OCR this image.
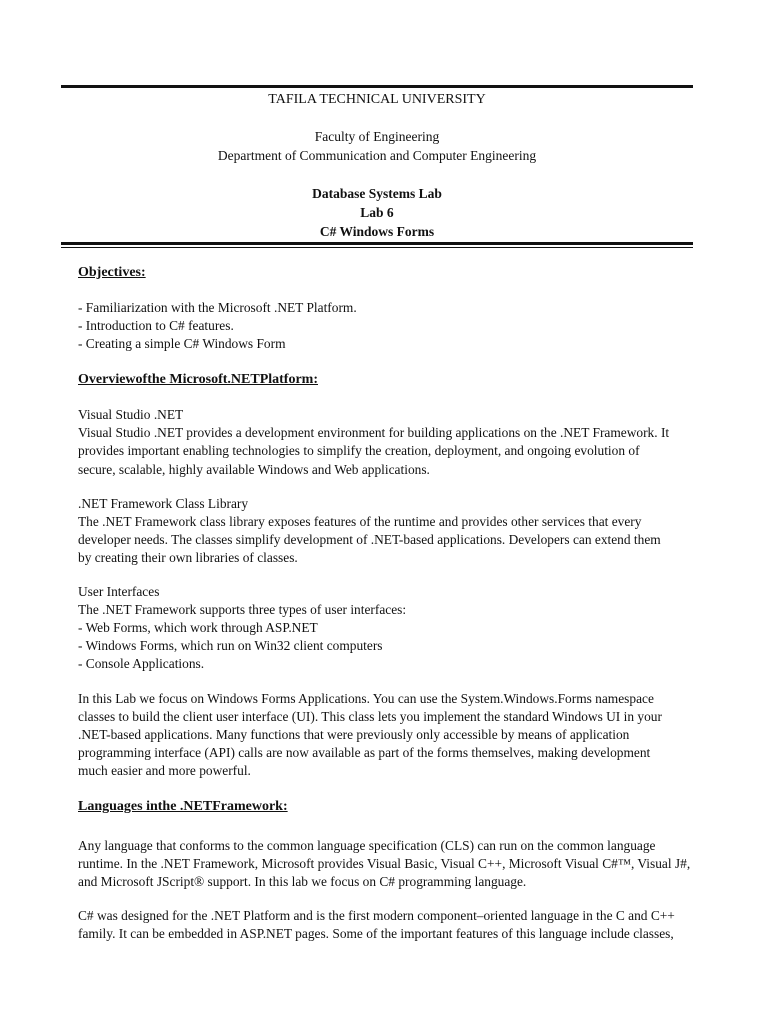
TAFILA TECHNICAL UNIVERSITY
Faculty of Engineering
Department of Communication and Computer Engineering
Database Systems Lab
Lab 6
C# Windows Forms
Objectives:

- Familiarization with the Microsoft .NET Platform.

- Introduction to C# features.

- Creating a simple C# Windows Form

Overviewofthe Microsoft.NETPlatform:

Visual Studio .NET

Visual Studio .NET provides a development environment for building applications on the .NET Framework. It

provides important enabling technologies to simplify the creation, deployment, and ongoing evolution of

secure, scalable, highly available Windows and Web applications.

.NET Framework Class Library

The .NET Framework class library exposes features of the runtime and provides other services that every

developer needs. The classes simplify development of .NET-based applications. Developers can extend them

by creating their own libraries of classes.

User Interfaces

The .NET Framework supports three types of user interfaces:

- Web Forms, which work through ASP.NET

- Windows Forms, which run on Win32 client computers

- Console Applications.

In this Lab we focus on Windows Forms Applications. You can use the System.Windows.Forms namespace

classes to build the client user interface (UI). This class lets you implement the standard Windows UI in your

.NET-based applications. Many functions that were previously only accessible by means of application

programming interface (API) calls are now available as part of the forms themselves, making development

much easier and more powerful.

Languages inthe .NETFramework:

Any language that conforms to the common language specification (CLS) can run on the common language

runtime. In the .NET Framework, Microsoft provides Visual Basic, Visual C++, Microsoft Visual C#™, Visual J#,

and Microsoft JScript® support. In this lab we focus on C# programming language.

C# was designed for the .NET Platform and is the first modern component–oriented language in the C and C++

family. It can be embedded in ASP.NET pages. Some of the important features of this language include classes,
